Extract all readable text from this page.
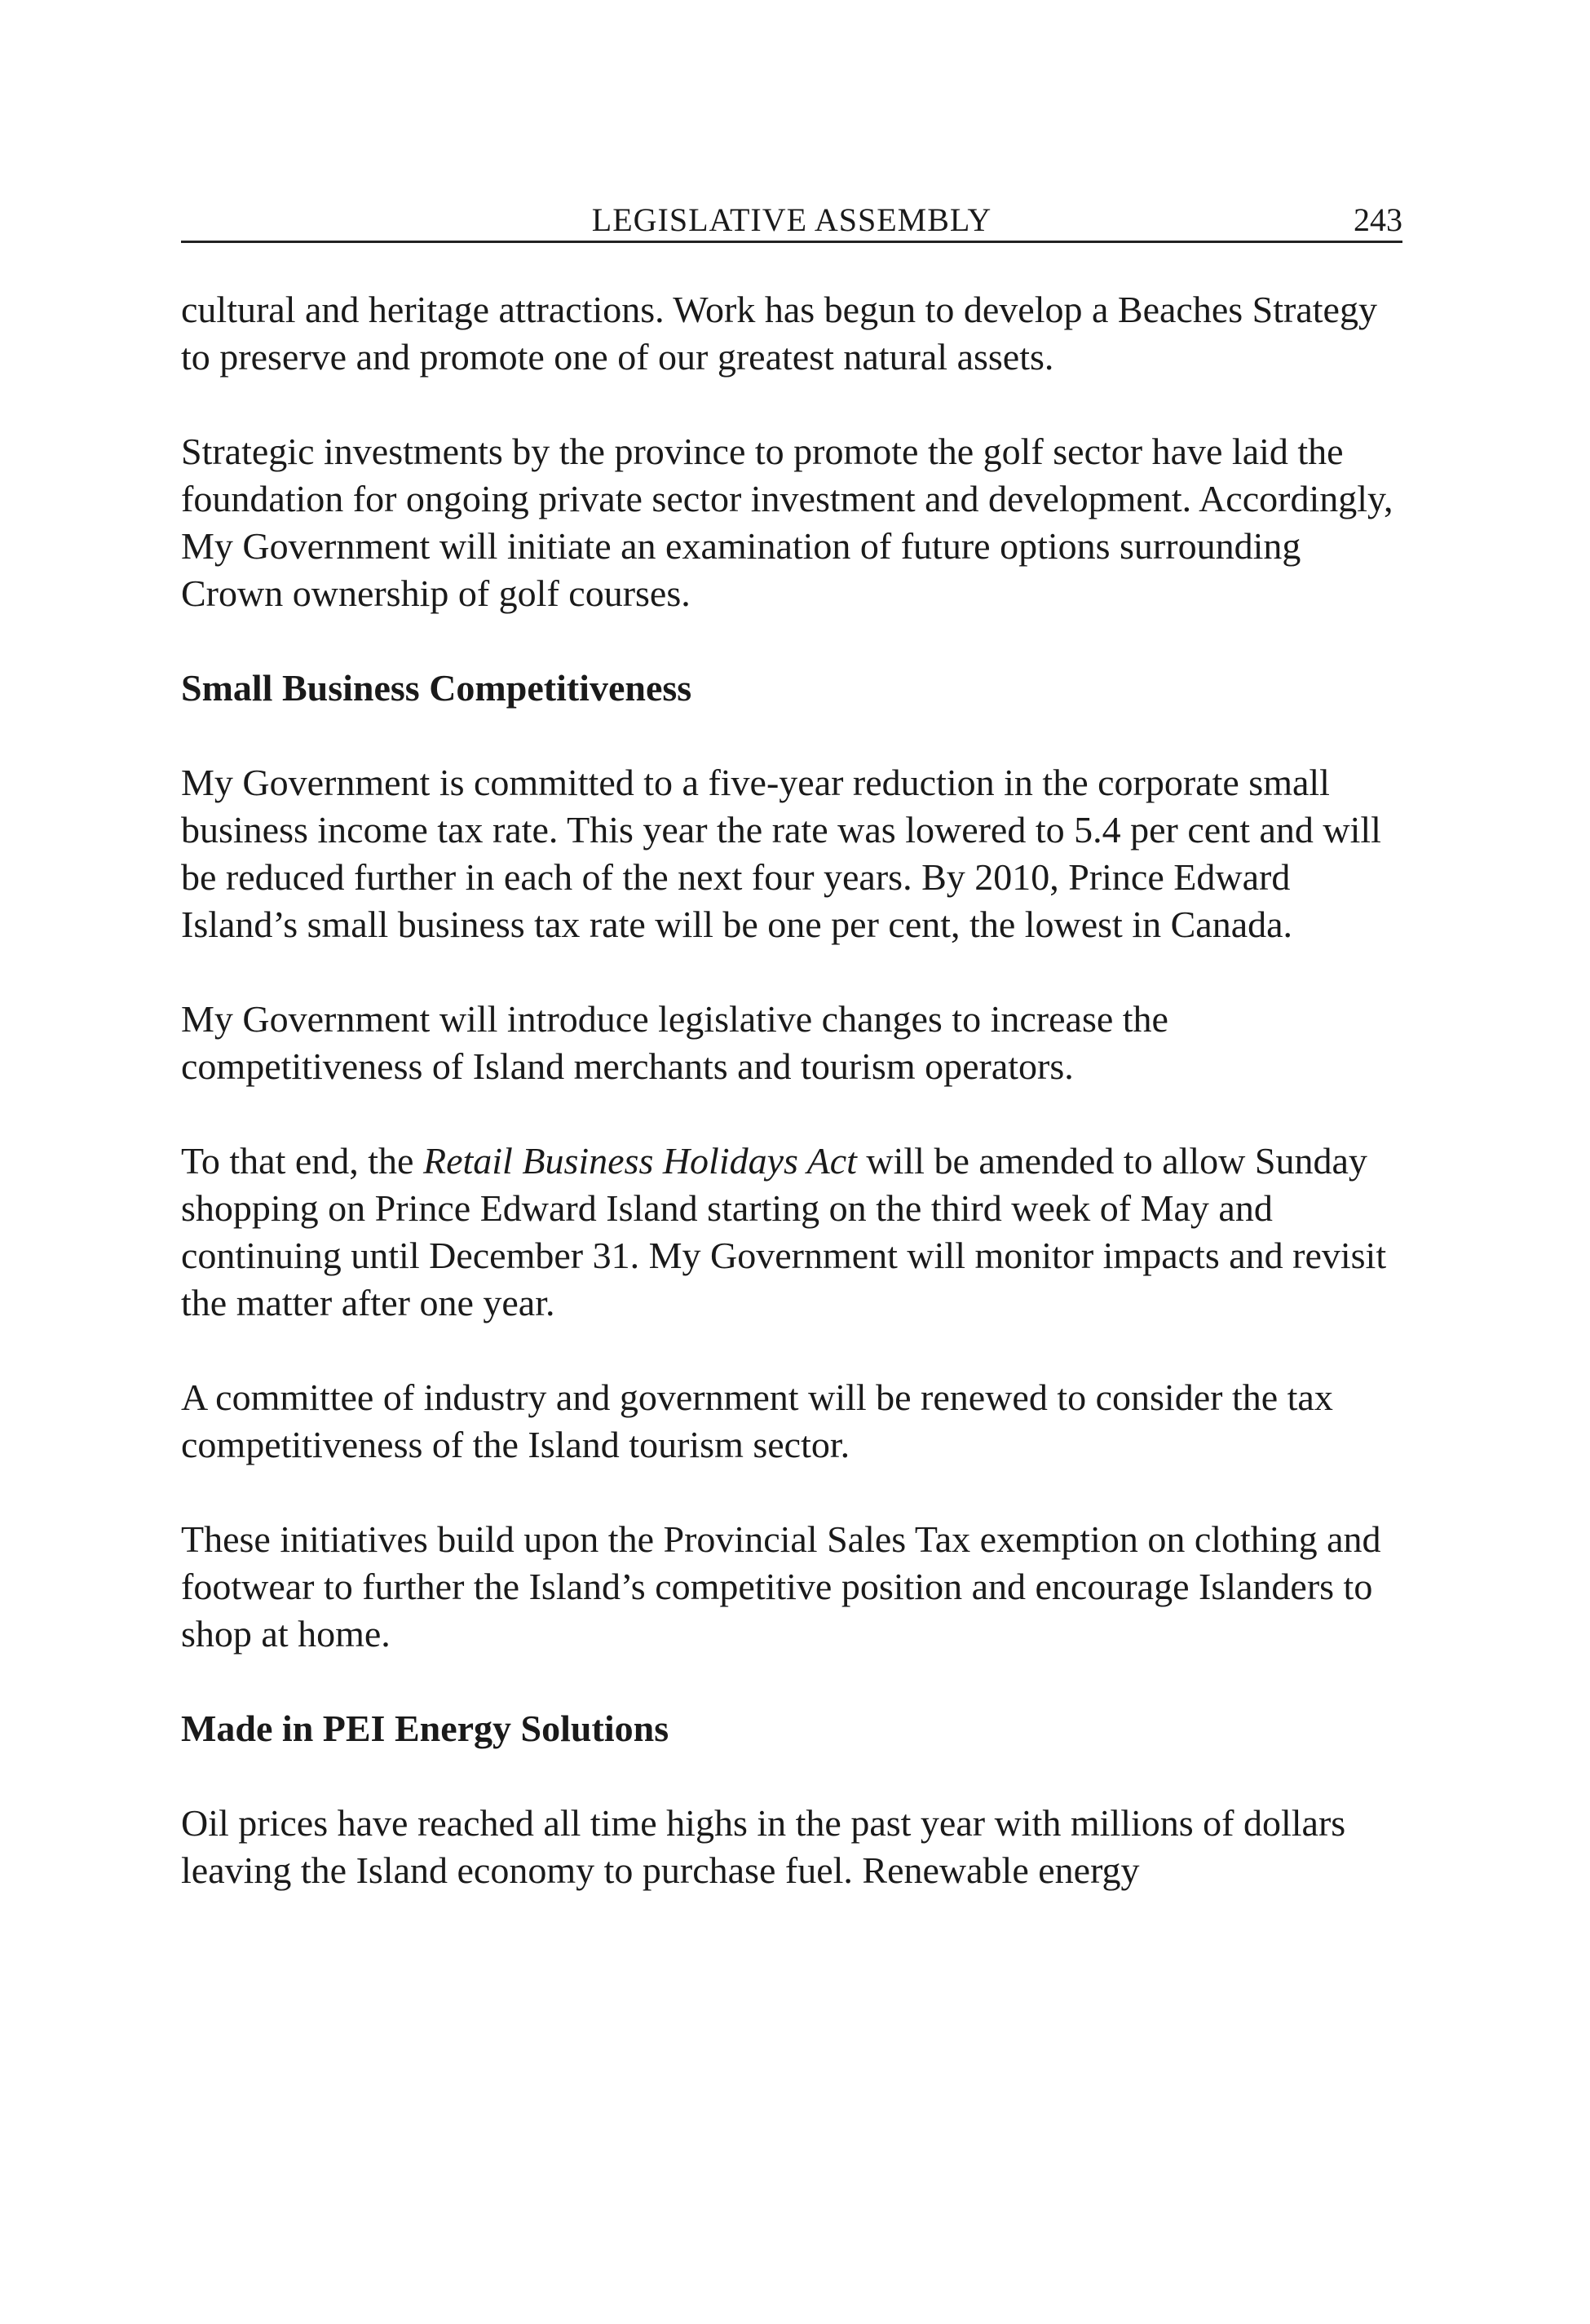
LEGISLATIVE ASSEMBLY	243

cultural and heritage attractions. Work has begun to develop a Beaches Strategy to preserve and promote one of our greatest natural assets.

Strategic investments by the province to promote the golf sector have laid the foundation for ongoing private sector investment and development. Accordingly, My Government will initiate an examination of future options surrounding Crown ownership of golf courses.

Small Business Competitiveness

My Government is committed to a five-year reduction in the corporate small business income tax rate. This year the rate was lowered to 5.4 per cent and will be reduced further in each of the next four years. By 2010, Prince Edward Island’s small business tax rate will be one per cent, the lowest in Canada.

My Government will introduce legislative changes to increase the competitiveness of Island merchants and tourism operators.

To that end, the Retail Business Holidays Act will be amended to allow Sunday shopping on Prince Edward Island starting on the third week of May and continuing until December 31. My Government will monitor impacts and revisit the matter after one year.

A committee of industry and government will be renewed to consider the tax competitiveness of the Island tourism sector.

These initiatives build upon the Provincial Sales Tax exemption on clothing and footwear to further the Island’s competitive position and encourage Islanders to shop at home.

Made in PEI Energy Solutions

Oil prices have reached all time highs in the past year with millions of dollars leaving the Island economy to purchase fuel. Renewable energy
